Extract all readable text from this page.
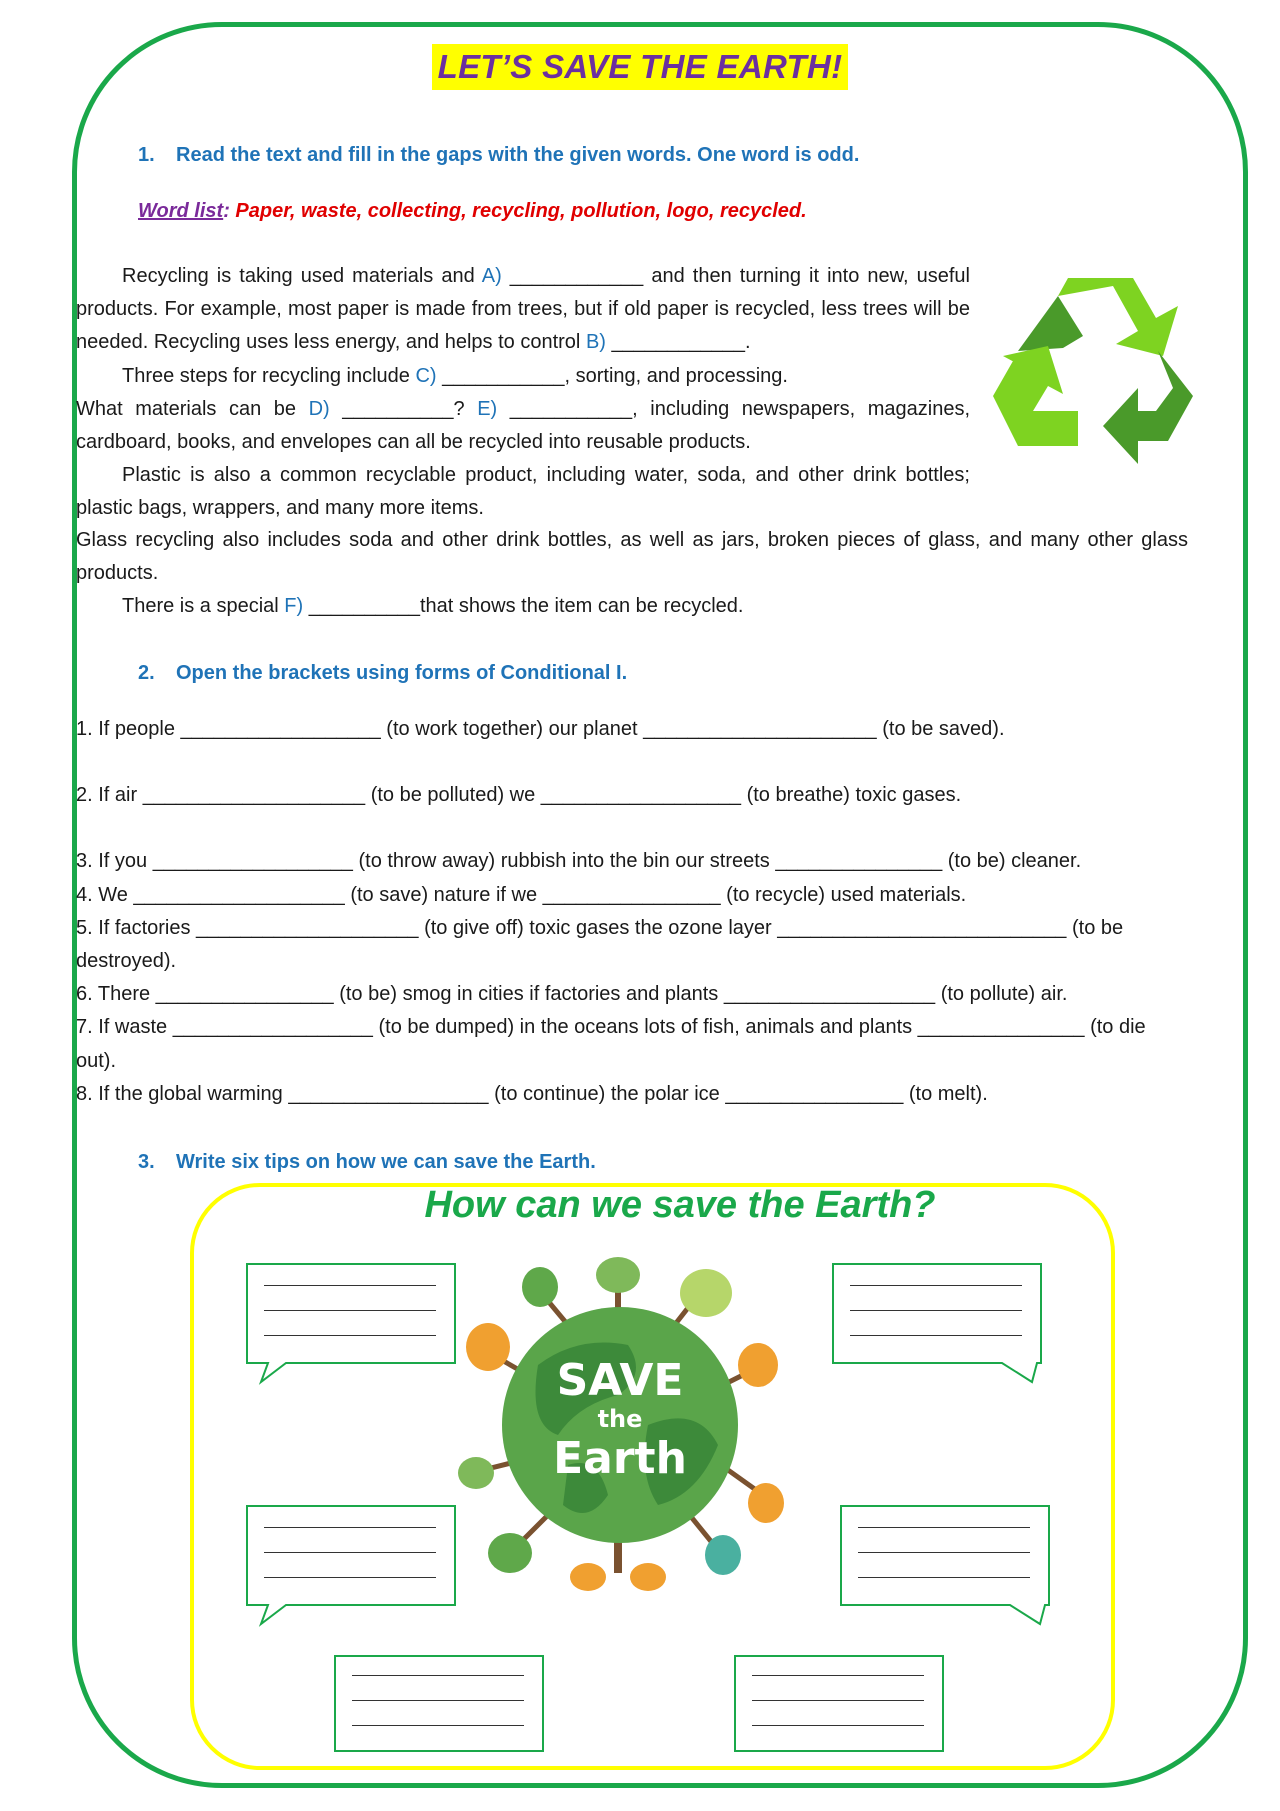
LET’S SAVE THE EARTH!
1. Read the text and fill in the gaps with the given words. One word is odd.
Word list: Paper, waste, collecting, recycling, pollution, logo, recycled.

Recycling is taking used materials and A) ____________ and then turning it into new, useful products. For example, most paper is made from trees, but if old paper is recycled, less trees will be needed. Recycling uses less energy, and helps to control B) ____________.

Three steps for recycling include C) ___________, sorting, and processing.

What materials can be D) __________? E) ___________, including newspapers, magazines, cardboard, books, and envelopes can all be recycled into reusable products.

Plastic is also a common recyclable product, including water, soda, and other drink bottles; plastic bags, wrappers, and many more items.

Glass recycling also includes soda and other drink bottles, as well as jars, broken pieces of glass, and many other glass products.

There is a special F) __________that shows the item can be recycled.

2. Open the brackets using forms of Conditional I.

1. If people __________________ (to work together) our planet _____________________ (to be saved).

2. If air ____________________ (to be polluted) we __________________ (to breathe) toxic gases.

3. If you __________________ (to throw away) rubbish into the bin our streets _______________ (to be) cleaner.

4. We ___________________ (to save) nature if we ________________ (to recycle) used materials.

5. If factories ____________________ (to give off) toxic gases the ozone layer __________________________ (to be destroyed).

6. There ________________ (to be) smog in cities if factories and plants ___________________ (to pollute) air.

7. If waste __________________ (to be dumped) in the oceans lots of fish, animals and plants _______________ (to die out).

8. If the global warming __________________ (to continue) the polar ice ________________ (to melt).

3. Write six tips on how we can save the Earth.
How can we save the Earth?
SAVE
the
Earth
